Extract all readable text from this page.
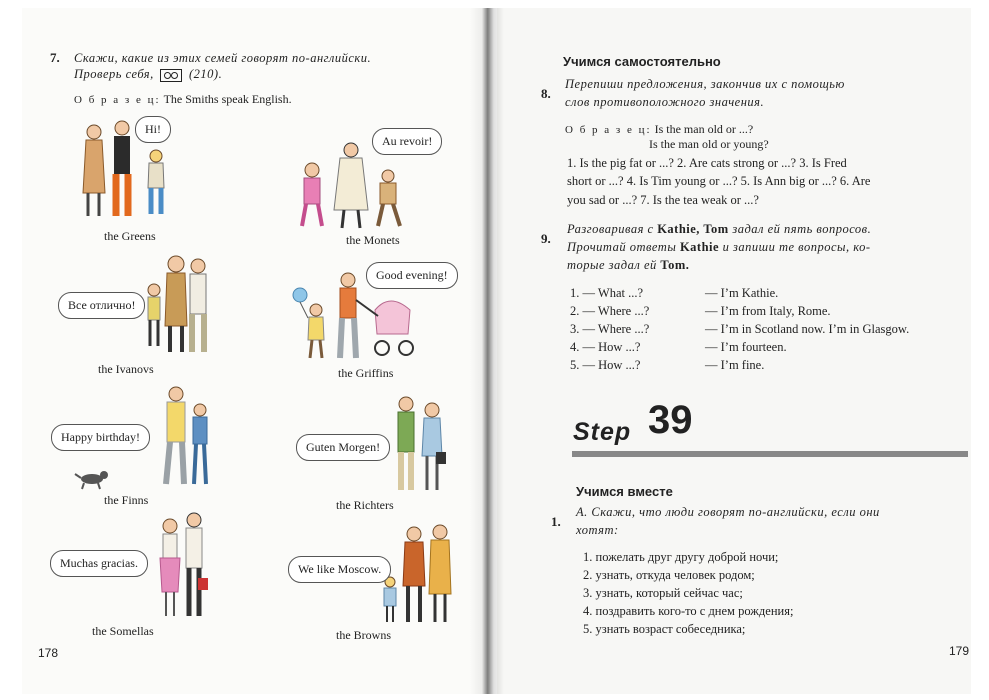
7. Скажи, какие из этих семей говорят по-английски.
Проверь себя,	(210).
О б р а з е ц: The Smiths speak English.
Hi!
the Greens
Au revoir!
the Monets
Все отлично!
the Ivanovs
Good evening!
the Griffins
Happy birthday!
the Finns
Guten Morgen!
the Richters
Muchas gracias.
the Somellas
We like Moscow.
the Browns
178
Учимся самостоятельно
8.
Перепиши предложения, закончив их с помощью
слов противоположного значения.
О б р а з е ц: Is the man old or ...?
Is the man old or young?
1. Is the pig fat or ...? 2. Are cats strong or ...? 3. Is Fred
short or ...? 4. Is Tim young or ...? 5. Is Ann big or ...? 6. Are
you sad or ...? 7. Is the tea weak or ...?
9.
Разговаривая с Kathie, Tom задал ей пять вопросов.
Прочитай ответы Kathie и запиши те вопросы, ко-
торые задал ей Tom.
1. — What ...?
2. — Where ...?
3. — Where ...?
4. — How ...?
5. — How ...?
— I’m Kathie.
— I’m from Italy, Rome.
— I’m in Scotland now. I’m in Glasgow.
— I’m fourteen.
— I’m fine.
Step 39
Учимся вместе
1.
А. Скажи, что люди говорят по-английски, если они
хотят:
1. пожелать друг другу доброй ночи;
2. узнать, откуда человек родом;
3. узнать, который сейчас час;
4. поздравить кого-то с днем рождения;
5. узнать возраст собеседника;
179
